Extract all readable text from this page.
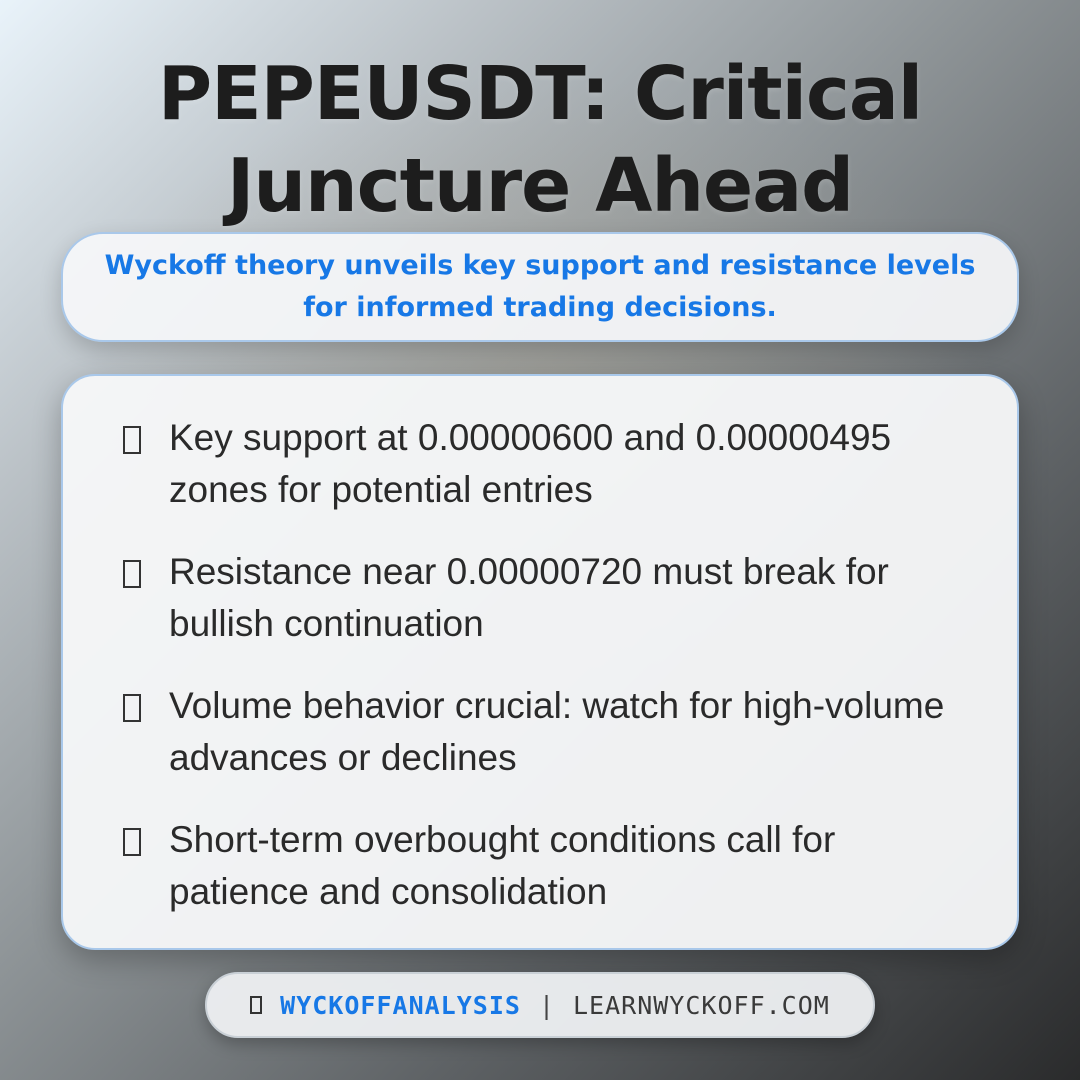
PEPEUSDT: Critical
Juncture Ahead
Wyckoff theory unveils key support and resistance levels for informed trading decisions.
Key support at 0.00000600 and 0.00000495 zones for potential entries
Resistance near 0.00000720 must break for bullish continuation
Volume behavior crucial: watch for high-volume advances or declines
Short-term overbought conditions call for patience and consolidation
WYCKOFFANALYSIS | LEARNWYCKOFF.COM
